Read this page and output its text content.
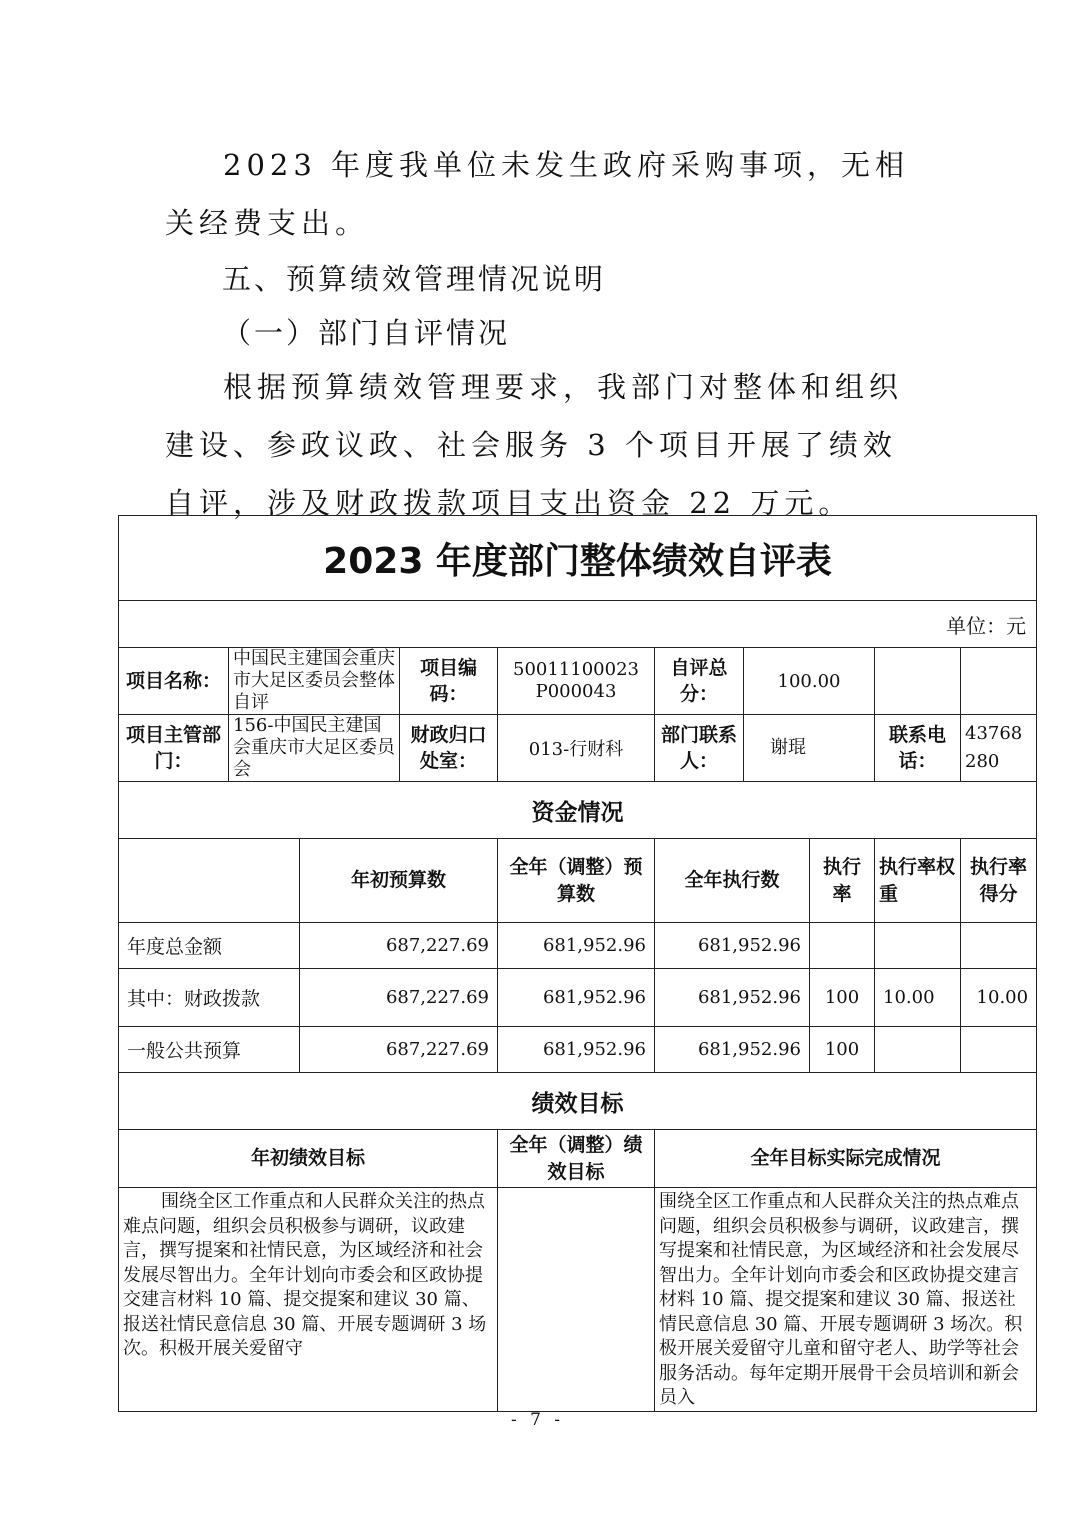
2023 年度我单位未发生政府采购事项，无相关经费支出。

五、预算绩效管理情况说明
（一）部门自评情况

根据预算绩效管理要求，我部门对整体和组织建设、参政议政、社会服务 3 个项目开展了绩效自评，涉及财政拨款项目支出资金 22 万元。

2023 年度部门整体绩效自评表									
单位：元									
项目名称：	中国民主建国会重庆市大足区委员会整体自评		项目编码：	50011100023 P000043	自评总分：	100.00			
项目主管部门：	156-中国民主建国会重庆市大足区委员会		财政归口处室：	013-行财科	部门联系人：	谢琨		联系电话：	43768280
资金情况									
		年初预算数		全年（调整）预算数	全年执行数		执行率	执行率权重	执行率得分
年度总金额		687,227.69		681,952.96	681,952.96				
其中：财政拨款		687,227.69		681,952.96	681,952.96		100	10.00	10.00
一般公共预算		687,227.69		681,952.96	681,952.96		100		
绩效目标									
年初绩效目标				全年（调整）绩效目标	全年目标实际完成情况				
围绕全区工作重点和人民群众关注的热点难点问题，组织会员积极参与调研，议政建言，撰写提案和社情民意，为区域经济和社会发展尽智出力。全年计划向市委会和区政协提交建言材料 10 篇、提交提案和建议 30 篇、报送社情民意信息 30 篇、开展专题调研 3 场次。积极开展关爱留守					围绕全区工作重点和人民群众关注的热点难点问题，组织会员积极参与调研，议政建言，撰写提案和社情民意，为区域经济和社会发展尽智出力。全年计划向市委会和区政协提交建言材料 10 篇、提交提案和建议 30 篇、报送社情民意信息 30 篇、开展专题调研 3 场次。积极开展关爱留守儿童和留守老人、助学等社会服务活动。每年定期开展骨干会员培训和新会员入				
- 7 -
